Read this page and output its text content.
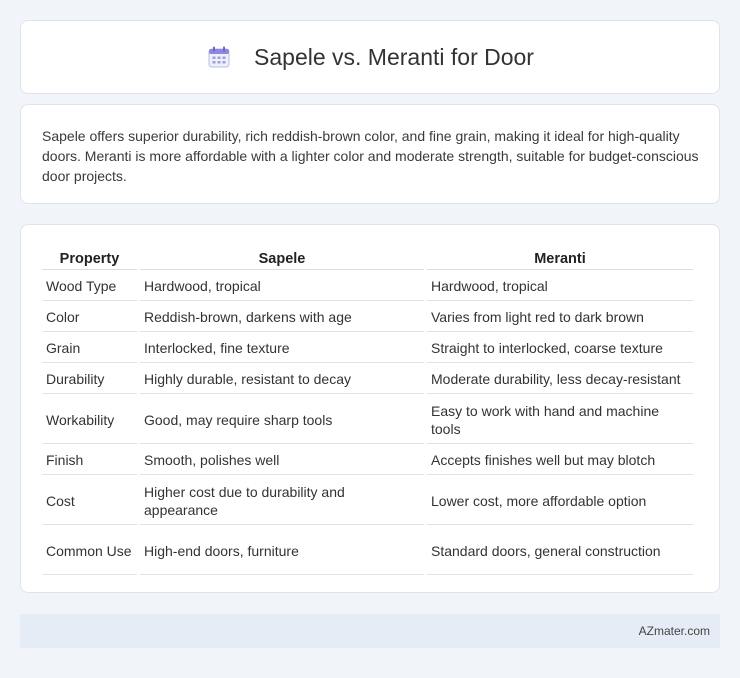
Sapele vs. Meranti for Door

Sapele offers superior durability, rich reddish-brown color, and fine grain, making it ideal for high-quality doors. Meranti is more affordable with a lighter color and moderate strength, suitable for budget-conscious door projects.

Property	Sapele	Meranti
Wood Type	Hardwood, tropical	Hardwood, tropical
Color	Reddish-brown, darkens with age	Varies from light red to dark brown
Grain	Interlocked, fine texture	Straight to interlocked, coarse texture
Durability	Highly durable, resistant to decay	Moderate durability, less decay-resistant
Workability	Good, may require sharp tools	Easy to work with hand and machine tools
Finish	Smooth, polishes well	Accepts finishes well but may blotch
Cost	Higher cost due to durability and appearance	Lower cost, more affordable option
Common Use	High-end doors, furniture	Standard doors, general construction
AZmater.com
